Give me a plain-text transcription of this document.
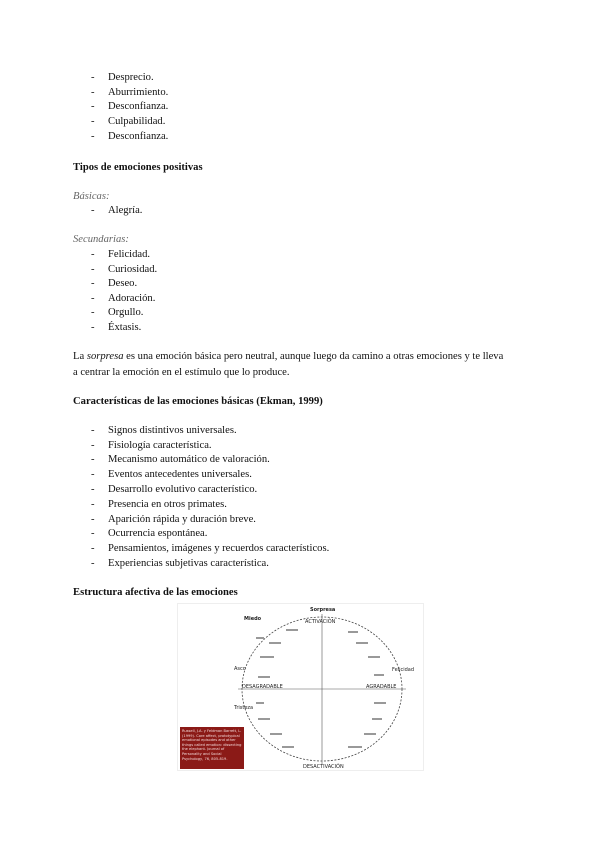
- Desprecio.
- Aburrimiento.
- Desconfianza.
- Culpabilidad.
- Desconfianza.
Tipos de emociones positivas
Básicas:
- Alegría.
Secundarias:
- Felicidad.
- Curiosidad.
- Deseo.
- Adoración.
- Orgullo.
- Éxtasis.
La sorpresa es una emoción básica pero neutral, aunque luego da camino a otras emociones y te lleva
a centrar la emoción en el estímulo que lo produce.
Características de las emociones básicas (Ekman, 1999)
- Signos distintivos universales.
- Fisiología característica.
- Mecanismo automático de valoración.
- Eventos antecedentes universales.
- Desarrollo evolutivo característico.
- Presencia en otros primates.
- Aparición rápida y duración breve.
- Ocurrencia espontánea.
- Pensamientos, imágenes y recuerdos característicos.
- Experiencias subjetivas característica.
Estructura afectiva de las emociones
Sorpresa
ACTIVACIÓN
DESACTIVACIÓN
DESAGRADABLE	AGRADABLE
Miedo
Asco
Tristeza
Felicidad
Russell, J.A. y Feldman Barrett, L. (1999). Core affect, prototypical emotional episodes and other things called emotion: dissecting the elephant. Journal of Personality and Social Psychology, 76, 805-819.
